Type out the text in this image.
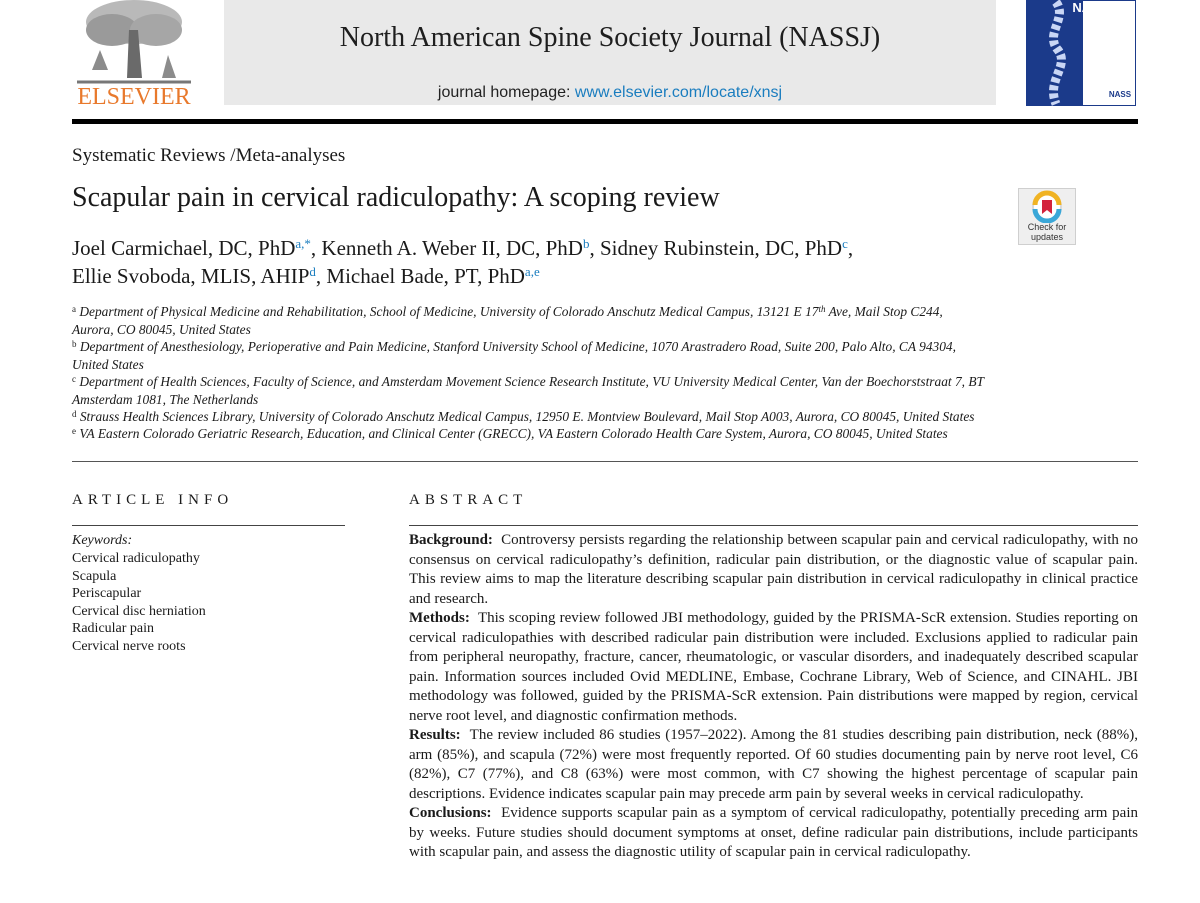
ELSEVIER
North American Spine Society Journal (NASSJ)
journal homepage: www.elsevier.com/locate/xnsj
NASSJ
NASS
Systematic Reviews /Meta-analyses
Scapular pain in cervical radiculopathy: A scoping review
Check for updates
Joel Carmichael, DC, PhD$^{a,*}$, Kenneth A. Weber II, DC, PhD$^b$, Sidney Rubinstein, DC, PhD$^c$,
Ellie Svoboda, MLIS, AHIP$^d$, Michael Bade, PT, PhD$^{a,e}$
$^a$ Department of Physical Medicine and Rehabilitation, School of Medicine, University of Colorado Anschutz Medical Campus, 13121 E 17th Ave, Mail Stop C244,
Aurora, CO 80045, United States
$^b$ Department of Anesthesiology, Perioperative and Pain Medicine, Stanford University School of Medicine, 1070 Arastradero Road, Suite 200, Palo Alto, CA 94304,
United States
$^c$ Department of Health Sciences, Faculty of Science, and Amsterdam Movement Science Research Institute, VU University Medical Center, Van der Boechorststraat 7, BT
Amsterdam 1081, The Netherlands
$^d$ Strauss Health Sciences Library, University of Colorado Anschutz Medical Campus, 12950 E. Montview Boulevard, Mail Stop A003, Aurora, CO 80045, United States
$^e$ VA Eastern Colorado Geriatric Research, Education, and Clinical Center (GRECC), VA Eastern Colorado Health Care System, Aurora, CO 80045, United States
ARTICLE INFO
Keywords:
Cervical radiculopathy
Scapula
Periscapular
Cervical disc herniation
Radicular pain
Cervical nerve roots
ABSTRACT

Background: Controversy persists regarding the relationship between scapular pain and cervical radiculopathy, with no consensus on cervical radiculopathy’s definition, radicular pain distribution, or the diagnostic value of scapular pain. This review aims to map the literature describing scapular pain distribution in cervical radiculopathy in clinical practice and research.

Methods: This scoping review followed JBI methodology, guided by the PRISMA-ScR extension. Studies reporting on cervical radiculopathies with described radicular pain distribution were included. Exclusions applied to radicular pain from peripheral neuropathy, fracture, cancer, rheumatologic, or vascular disorders, and inadequately described scapular pain. Information sources included Ovid MEDLINE, Embase, Cochrane Library, Web of Science, and CINAHL. JBI methodology was followed, guided by the PRISMA-ScR extension. Pain distributions were mapped by region, cervical nerve root level, and diagnostic confirmation methods.

Results: The review included 86 studies (1957–2022). Among the 81 studies describing pain distribution, neck (88%), arm (85%), and scapula (72%) were most frequently reported. Of 60 studies documenting pain by nerve root level, C6 (82%), C7 (77%), and C8 (63%) were most common, with C7 showing the highest percentage of scapular pain descriptions. Evidence indicates scapular pain may precede arm pain by several weeks in cervical radiculopathy.

Conclusions: Evidence supports scapular pain as a symptom of cervical radiculopathy, potentially preceding arm pain by weeks. Future studies should document symptoms at onset, define radicular pain distributions, include participants with scapular pain, and assess the diagnostic utility of scapular pain in cervical radiculopathy.
